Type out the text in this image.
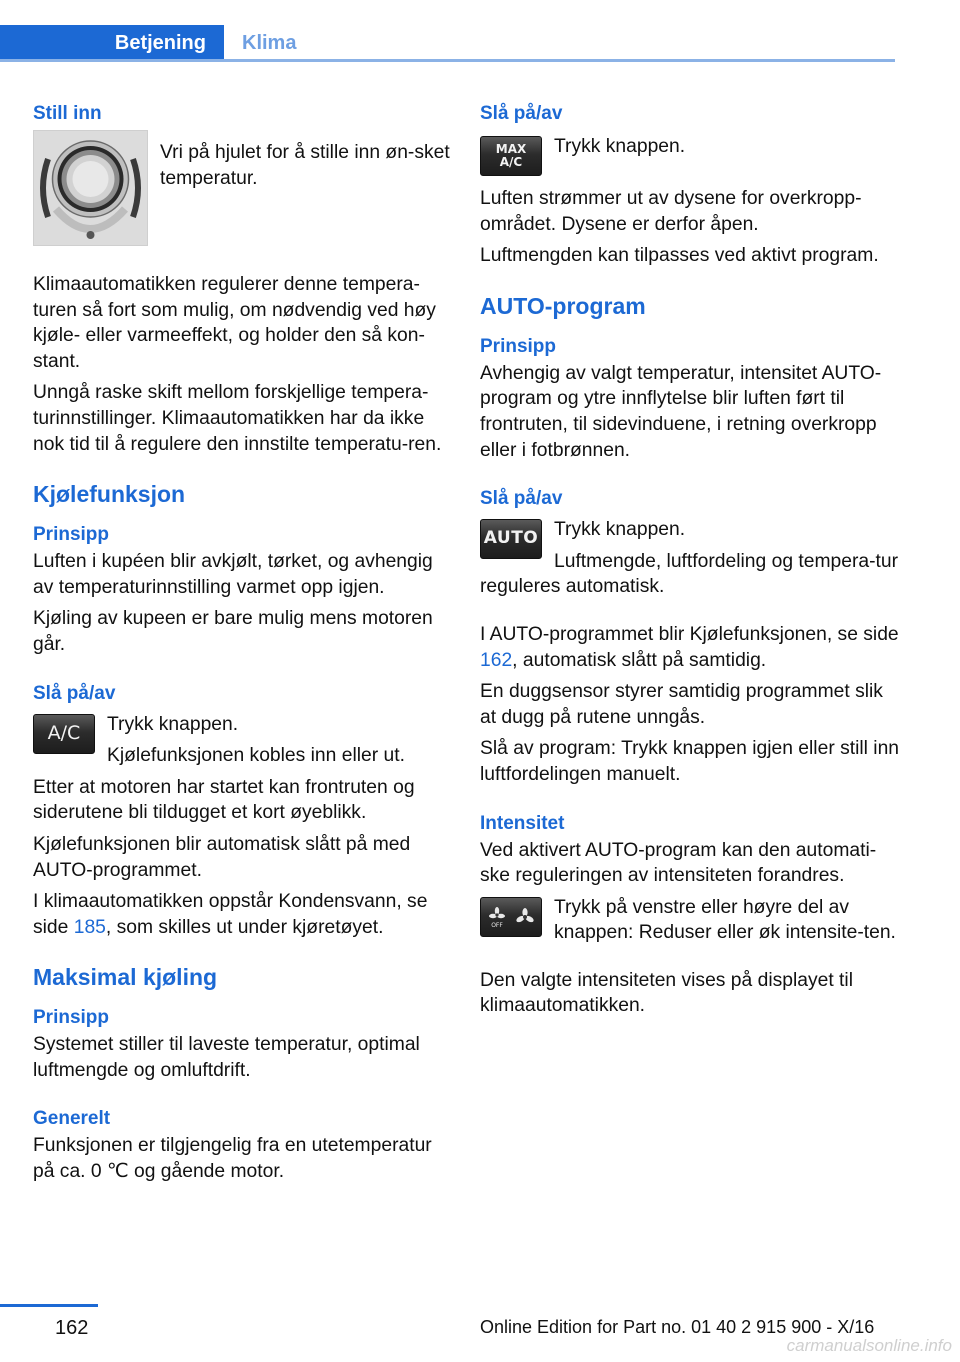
Betjening	Klima
Still inn

Vri på hjulet for å stille inn øn-sket temperatur.

Klimaautomatikken regulerer denne tempera-turen så fort som mulig, om nødvendig ved høy kjøle- eller varmeeffekt, og holder den så kon-stant.

Unngå raske skift mellom forskjellige tempera-turinnstillinger. Klimaautomatikken har da ikke nok tid til å regulere den innstilte temperatu-ren.

Kjølefunksjon
Prinsipp

Luften i kupéen blir avkjølt, tørket, og avhengig av temperaturinnstilling varmet opp igjen.

Kjøling av kupeen er bare mulig mens motoren går.

Slå på/av
A/C	Trykk knappen.

Kjølefunksjonen kobles inn eller ut.

Etter at motoren har startet kan frontruten og siderutene bli tildugget et kort øyeblikk.

Kjølefunksjonen blir automatisk slått på med AUTO-programmet.

I klimaautomatikken oppstår Kondensvann, se side 185, som skilles ut under kjøretøyet.

Maksimal kjøling
Prinsipp

Systemet stiller til laveste temperatur, optimal luftmengde og omluftdrift.

Generelt

Funksjonen er tilgjengelig fra en utetemperatur på ca. 0 ℃ og gående motor.

Slå på/av
MAX
A/C

Trykk knappen.

Luften strømmer ut av dysene for overkropp-området. Dysene er derfor åpen.

Luftmengden kan tilpasses ved aktivt program.

AUTO-program
Prinsipp

Avhengig av valgt temperatur, intensitet AUTO-program og ytre innflytelse blir luften ført til frontruten, til sidevinduene, i retning overkropp eller i fotbrønnen.

Slå på/av
AUTO Trykk knappen.

Luftmengde, luftfordeling og tempera-tur reguleres automatisk.

I AUTO-programmet blir Kjølefunksjonen, se side 162, automatisk slått på samtidig.

En duggsensor styrer samtidig programmet slik at dugg på rutene unngås.

Slå av program: Trykk knappen igjen eller still inn luftfordelingen manuelt.

Intensitet

Ved aktivert AUTO-program kan den automati-ske reguleringen av intensiteten forandres.

OFF

Trykk på venstre eller høyre del av knappen: Reduser eller øk intensite-ten.

Den valgte intensiteten vises på displayet til klimaautomatikken.

162	Online Edition for Part no. 01 40 2 915 900 - X/16
carmanualsonline.info
